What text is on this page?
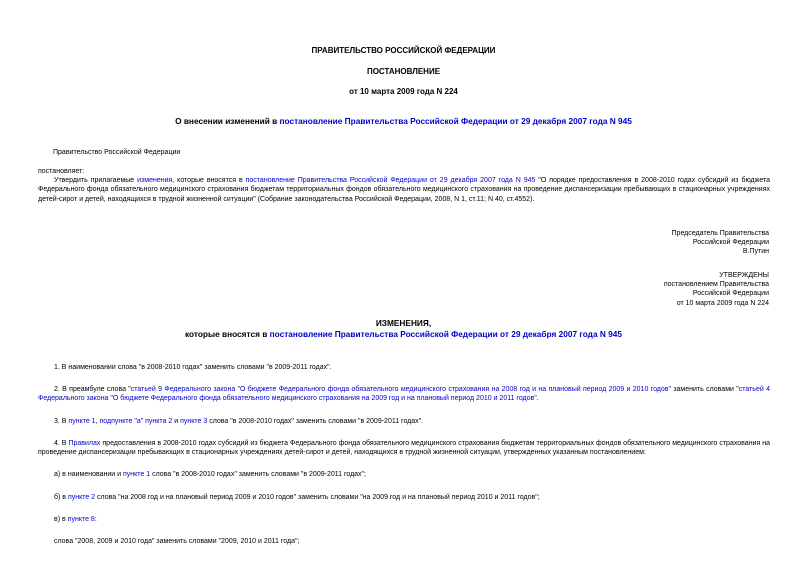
ПРАВИТЕЛЬСТВО РОССИЙСКОЙ ФЕДЕРАЦИИ
ПОСТАНОВЛЕНИЕ
от 10 марта 2009 года N 224
О внесении изменений в постановление Правительства Российской Федерации от 29 декабря 2007 года N 945
Правительство Российской Федерации
постановляет:

Утвердить прилагаемые изменения, которые вносятся в постановление Правительства Российской Федерации от 29 декабря 2007 года N 945 "О порядке предоставления в 2008-2010 годах субсидий из бюджета Федерального фонда обязательного медицинского страхования бюджетам территориальных фондов обязательного медицинского страхования на проведение диспансеризации пребывающих в стационарных учреждениях детей-сирот и детей, находящихся в трудной жизненной ситуации" (Собрание законодательства Российской Федерации, 2008, N 1, ст.11; N 40, ст.4552).

Председатель Правительства
Российской Федерации
В.Путин
УТВЕРЖДЕНЫ
постановлением Правительства
Российской Федерации
от 10 марта 2009 года N 224
ИЗМЕНЕНИЯ,
которые вносятся в постановление Правительства Российской Федерации от 29 декабря 2007 года N 945

1. В наименовании слова "в 2008-2010 годах" заменить словами "в 2009-2011 годах".

2. В преамбуле слова "статьей 9 Федерального закона "О бюджете Федерального фонда обязательного медицинского страхования на 2008 год и на плановый период 2009 и 2010 годов" заменить словами "статьей 4 Федерального закона "О бюджете Федерального фонда обязательного медицинского страхования на 2009 год и на плановый период 2010 и 2011 годов".

3. В пункте 1, подпункте "а" пункта 2 и пункте 3 слова "в 2008-2010 годах" заменить словами "в 2009-2011 годах".

4. В Правилах предоставления в 2008-2010 годах субсидий из бюджета Федерального фонда обязательного медицинского страхования бюджетам территориальных фондов обязательного медицинского страхования на проведение диспансеризации пребывающих в стационарных учреждениях детей-сирот и детей, находящихся в трудной жизненной ситуации, утвержденных указанным постановлением:

а) в наименовании и пункте 1 слова "в 2008-2010 годах" заменить словами "в 2009-2011 годах";

б) в пункте 2 слова "на 2008 год и на плановый период 2009 и 2010 годов" заменить словами "на 2009 год и на плановый период 2010 и 2011 годов";

в) в пункте 8:

слова "2008, 2009 и 2010 года" заменить словами "2009, 2010 и 2011 года";
